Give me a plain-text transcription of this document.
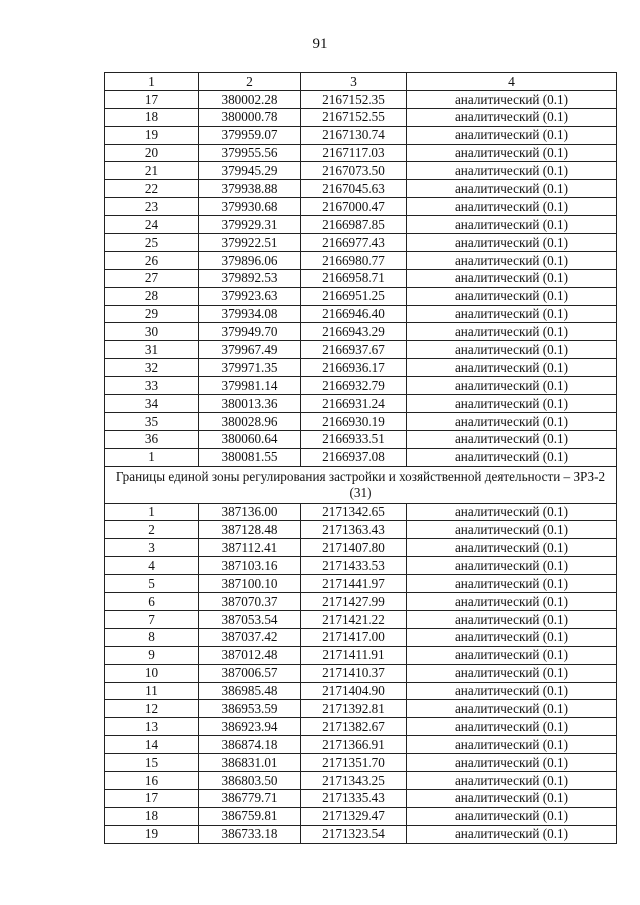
91
1	2	3	4
17	380002.28	2167152.35	аналитический (0.1)
18	380000.78	2167152.55	аналитический (0.1)
19	379959.07	2167130.74	аналитический (0.1)
20	379955.56	2167117.03	аналитический (0.1)
21	379945.29	2167073.50	аналитический (0.1)
22	379938.88	2167045.63	аналитический (0.1)
23	379930.68	2167000.47	аналитический (0.1)
24	379929.31	2166987.85	аналитический (0.1)
25	379922.51	2166977.43	аналитический (0.1)
26	379896.06	2166980.77	аналитический (0.1)
27	379892.53	2166958.71	аналитический (0.1)
28	379923.63	2166951.25	аналитический (0.1)
29	379934.08	2166946.40	аналитический (0.1)
30	379949.70	2166943.29	аналитический (0.1)
31	379967.49	2166937.67	аналитический (0.1)
32	379971.35	2166936.17	аналитический (0.1)
33	379981.14	2166932.79	аналитический (0.1)
34	380013.36	2166931.24	аналитический (0.1)
35	380028.96	2166930.19	аналитический (0.1)
36	380060.64	2166933.51	аналитический (0.1)
1	380081.55	2166937.08	аналитический (0.1)
Границы единой зоны регулирования застройки и хозяйственной деятельности – ЗРЗ-2 (31)			
1	387136.00	2171342.65	аналитический (0.1)
2	387128.48	2171363.43	аналитический (0.1)
3	387112.41	2171407.80	аналитический (0.1)
4	387103.16	2171433.53	аналитический (0.1)
5	387100.10	2171441.97	аналитический (0.1)
6	387070.37	2171427.99	аналитический (0.1)
7	387053.54	2171421.22	аналитический (0.1)
8	387037.42	2171417.00	аналитический (0.1)
9	387012.48	2171411.91	аналитический (0.1)
10	387006.57	2171410.37	аналитический (0.1)
11	386985.48	2171404.90	аналитический (0.1)
12	386953.59	2171392.81	аналитический (0.1)
13	386923.94	2171382.67	аналитический (0.1)
14	386874.18	2171366.91	аналитический (0.1)
15	386831.01	2171351.70	аналитический (0.1)
16	386803.50	2171343.25	аналитический (0.1)
17	386779.71	2171335.43	аналитический (0.1)
18	386759.81	2171329.47	аналитический (0.1)
19	386733.18	2171323.54	аналитический (0.1)
